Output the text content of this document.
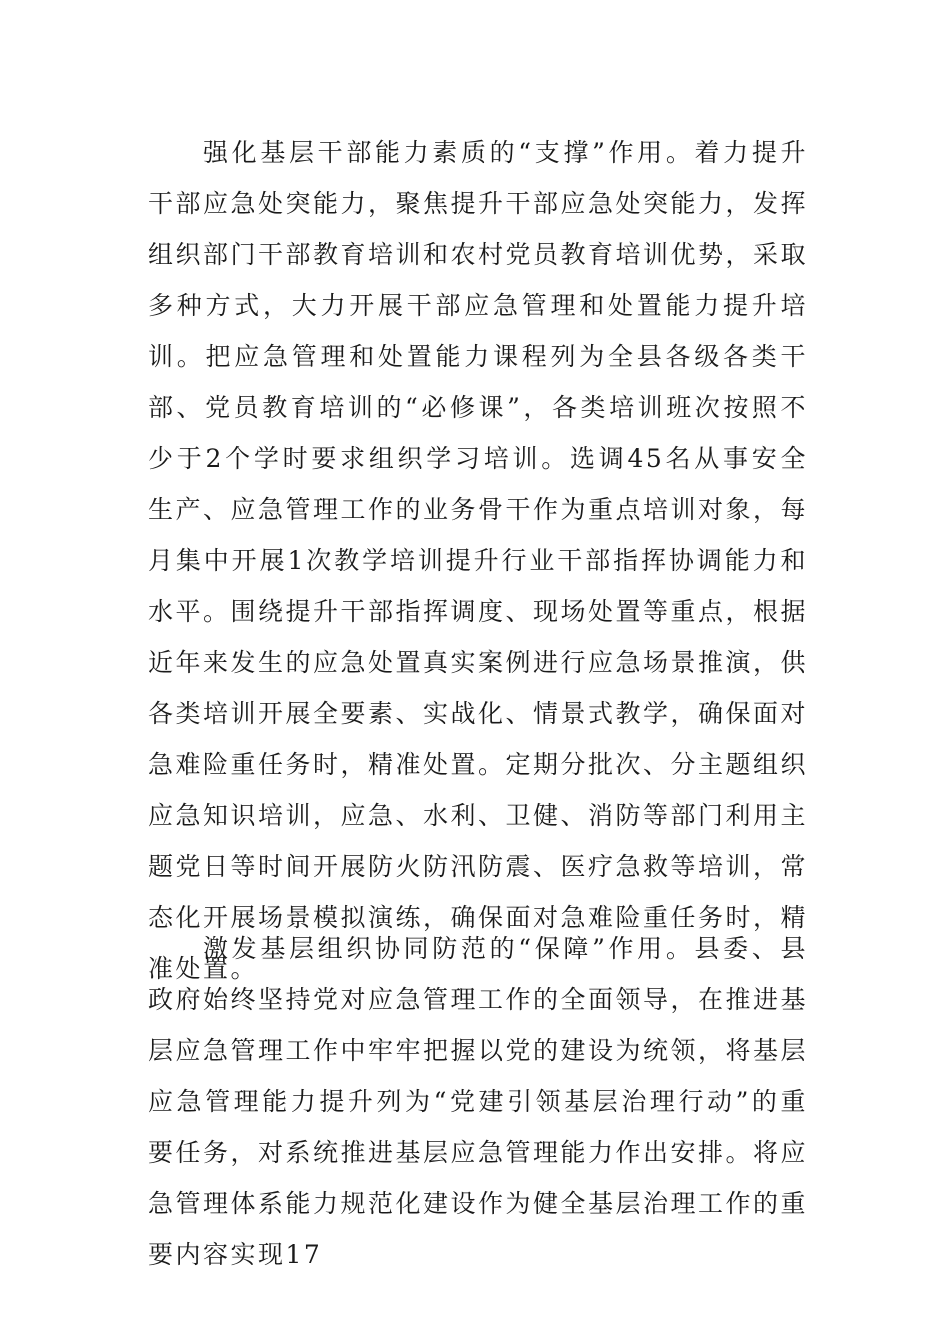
强化基层干部能力素质的“支撑”作用。着力提升干部应急处突能力，聚焦提升干部应急处突能力，发挥组织部门干部教育培训和农村党员教育培训优势，采取多种方式，大力开展干部应急管理和处置能力提升培训。把应急管理和处置能力课程列为全县各级各类干部、党员教育培训的“必修课”，各类培训班次按照不少于2个学时要求组织学习培训。选调45名从事安全生产、应急管理工作的业务骨干作为重点培训对象，每月集中开展1次教学培训提升行业干部指挥协调能力和水平。围绕提升干部指挥调度、现场处置等重点，根据近年来发生的应急处置真实案例进行应急场景推演，供各类培训开展全要素、实战化、情景式教学，确保面对急难险重任务时，精准处置。定期分批次、分主题组织应急知识培训，应急、水利、卫健、消防等部门利用主题党日等时间开展防火防汛防震、医疗急救等培训，常态化开展场景模拟演练，确保面对急难险重任务时，精准处置。

激发基层组织协同防范的“保障”作用。县委、县政府始终坚持党对应急管理工作的全面领导，在推进基层应急管理工作中牢牢把握以党的建设为统领，将基层应急管理能力提升列为“党建引领基层治理行动”的重要任务，对系统推进基层应急管理能力作出安排。将应急管理体系能力规范化建设作为健全基层治理工作的重要内容实现17
